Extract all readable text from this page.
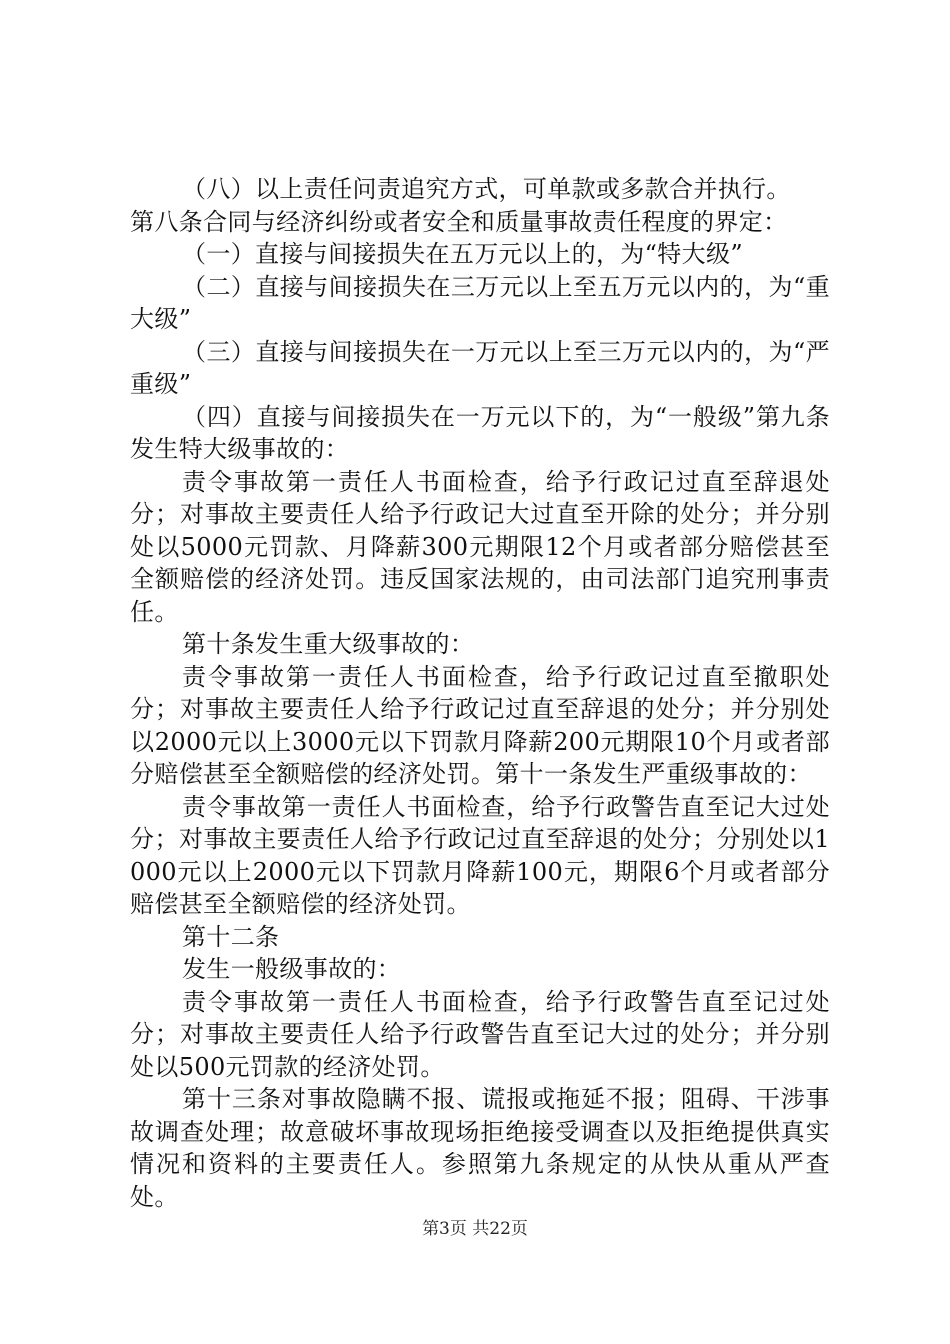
（八）以上责任问责追究方式，可单款或多款合并执行。

第八条合同与经济纠纷或者安全和质量事故责任程度的界定：

（一）直接与间接损失在五万元以上的，为“特大级”

（二）直接与间接损失在三万元以上至五万元以内的，为“重大级”

（三）直接与间接损失在一万元以上至三万元以内的，为“严重级”

（四）直接与间接损失在一万元以下的，为“一般级”第九条发生特大级事故的：

责令事故第一责任人书面检查，给予行政记过直至辞退处分；对事故主要责任人给予行政记大过直至开除的处分；并分别处以5000元罚款、月降薪300元期限12个月或者部分赔偿甚至全额赔偿的经济处罚。违反国家法规的，由司法部门追究刑事责任。

第十条发生重大级事故的：

责令事故第一责任人书面检查，给予行政记过直至撤职处分；对事故主要责任人给予行政记过直至辞退的处分；并分别处以2000元以上3000元以下罚款月降薪200元期限10个月或者部分赔偿甚至全额赔偿的经济处罚。第十一条发生严重级事故的：

责令事故第一责任人书面检查，给予行政警告直至记大过处分；对事故主要责任人给予行政记过直至辞退的处分；分别处以1000元以上2000元以下罚款月降薪100元，期限6个月或者部分赔偿甚至全额赔偿的经济处罚。

第十二条

发生一般级事故的：

责令事故第一责任人书面检查，给予行政警告直至记过处分；对事故主要责任人给予行政警告直至记大过的处分；并分别处以500元罚款的经济处罚。

第十三条对事故隐瞒不报、谎报或拖延不报；阻碍、干涉事故调查处理；故意破坏事故现场拒绝接受调查以及拒绝提供真实情况和资料的主要责任人。参照第九条规定的从快从重从严查处。

第3页 共22页
